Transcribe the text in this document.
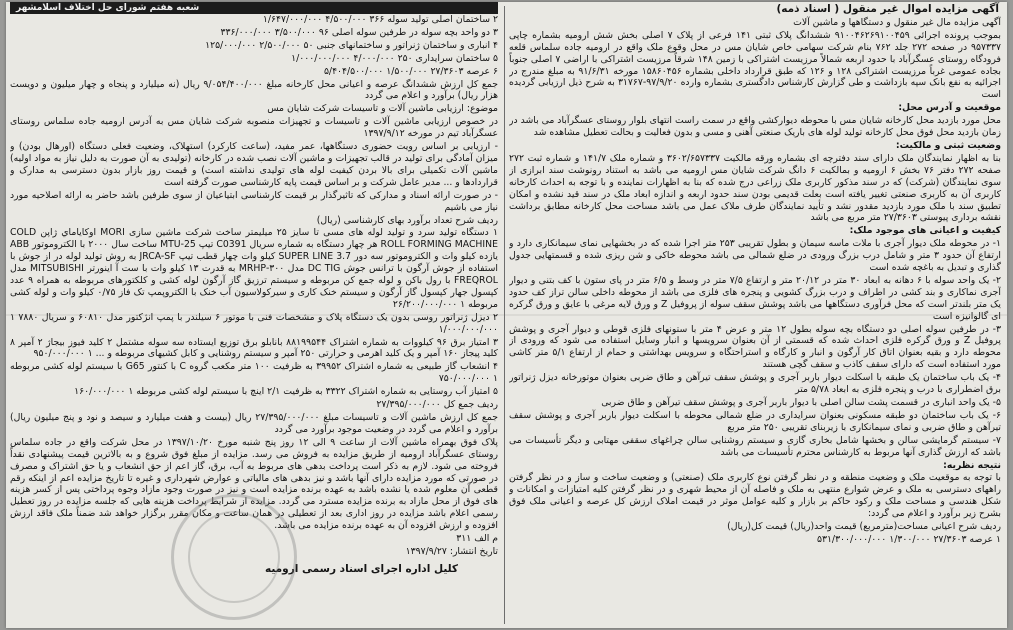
آگهی مزایده اموال غیر منقول ( اسناد ذمه)

آگهی مزایده مال غیر منقول و دستگاهها و ماشین آلات

بموجب پرونده اجرائی ۹۱۰۰۴۶۲۶۹۱۰۰۴۵۹ ششدانگ پلاک ثبتی ۱۴۱ فرعی از پلاک ۷ اصلی بخش شش ارومیه بشماره چاپی ۹۵۷۳۳۷ در صفحه ۲۷۲ جلد ۷۶۲ بنام شرکت سهامی خاص شایان مس در محل وقوع ملک واقع در ارومیه جاده سلماس قلعه فرودگاه روستای عسگرآباد با حدود اربعه شمالاً مرزیست اشتراکی با زمین ۱۴۸ شرقاً مرزیست اشتراکی با اراضی ۷ اصلی جنوباً بجاده عمومی غرباً مرزیست اشتراکی ۱۲۸ و ۱۲۶ که طبق قرارداد داخلی بشماره ۱۵۸۶۰۴۵۶ مورخه ۹۱/۶/۳۱ به مبلغ مندرج در اجرائیه به نفع بانک سپه بازداشت و طی گزارش کارشناس دادگستری بشماره وارده ۹۷/۹/۲۰-۳۱۷۶۷ به شرح ذیل ارزیابی گردیده است

موقعیت و آدرس محل:

محل مورد بازدید محل کارخانه شایان مس با محوطه دیوارکشی واقع در سمت راست انتهای بلوار روستای عسگرآباد می باشد در زمان بازدید محل فوق محل کارخانه تولید لوله های باریک صنعتی آهنی و مسی و بدون فعالیت و بحالت تعطیل مشاهده شد

وضعیت ثبتی و مالکیت:

بنا به اظهار نمایندگان ملک دارای سند دفترچه ای بشماره ورقه مالکیت ۳۶۰۲/۶۵۷۳۳۷ و شماره ملک ۱۴۱/۷ و شماره ثبت ۲۷۲ صفحه ۲۷۲ دفتر ۷۶ بخش ۶ ارومیه و بمالکیت ۶ دانگ شرکت شایان مس ارومیه می باشد به استناد رونوشت سند ابرازی از سوی نمایندگان (شرکت) که در سند مذکور کاربری ملک زراعی درج شده که بنا به اظهارات نماینده و با توجه به احداث کارخانه کاربری آن به کاربری صنعتی تغییر یافته است بعلت قدیمی بودن سند حدود اربعه و اندازه ابعاد ملک در سند قید نشده و امکان تطبیق سند با ملک مورد بازدید مقدور نشد و تأیید نمایندگان طرف ملاک عمل می باشد مساحت محل کارخانه مطابق برداشت نقشه برداری پیوستی ۲۷/۳۶۰۳ متر مربع می باشد

کیفیت و اعیانی های موجود ملک:

۱- در محوطه ملک دیوار آجری با ملات ماسه سیمان و بطول تقریبی ۲۵۳ متر اجرا شده که در بخشهایی نمای سیمانکاری دارد و ارتفاع آن حدود ۳ متر و شامل درب بزرگ ورودی در ضلع شمالی می باشد محوطه خاکی و شن ریزی شده و قسمتهایی جدول گذاری و تبدیل به باغچه شده است

۲- یک واحد سوله با ۶ دهانه به ابعاد ۳۰ متر در ۲۰/۱۲ متر و ارتفاع ۷/۵ متر در وسط و ۶/۵ متر در پای ستون با کف بتنی و دیوار آجری نماکاری و بند کشی در اطراف و درب بزرگ کشویی و پنجره های فلزی می باشد از محوطه داخلی سالن تراز کف حدود یک متر بلندتر است که محل فرآوری دستگاهها می باشد پوشش سقف سوله از پروفیل Z و ورق لایه مرغی با عایق و ورق گرکره ای گالوانیزه است

۳- در طرفین سوله اصلی دو دستگاه بچه سوله بطول ۱۲ متر و عرض ۴ متر با ستونهای فلزی قوطی و دیوار آجری و پوشش پروفیل Z و ورق گرکره فلزی احداث شده که قسمتی از آن بعنوان سرویسها و انبار وسایل استفاده می شود که ورودی از محوطه دارد و بقیه بعنوان اتاق کار آرگون و انبار و کارگاه و استراحتگاه و سرویس بهداشتی و حمام از ارتفاع ۵/۱ متر کاشی مورد استفاده است که دارای سقف کاذب و سقف گچی هستند

۴- یک باب ساختمان یک طبقه با اسکلت دیوار باربر آجری و پوشش سقف تیرآهن و طاق ضربی بعنوان موتورخانه دیزل ژنراتور برق اضطراری با درب و پنجره فلزی به ابعاد ۵/۷۸ متر

۵- یک واحد انباری در قسمت پشت سالن اصلی با دیوار باربر آجری و پوشش سقف تیرآهن و طاق ضربی

۶- یک باب ساختمان دو طبقه مسکونی بعنوان سرایداری در ضلع شمالی محوطه با اسکلت دیوار باربر آجری و پوشش سقف تیرآهن و طاق ضربی و نمای سیمانکاری با زیربنای تقریبی ۲۵۰ متر مربع

۷- سیستم گرمایشی سالن و بخشها شامل بخاری گازی و سیستم روشنایی سالن چراغهای سقفی مهتابی و دیگر تأسیسات می باشد که ارزش گذاری آنها مربوط به کارشناس محترم تأسیسات می باشد

نتیجه نظریه:

با توجه به موقعیت ملک و وضعیت منطقه و در نظر گرفتن نوع کاربری ملک (صنعتی) و وضعیت ساخت و ساز و در نظر گرفتن راههای دسترسی به ملک و عرض شوارع منتهی به ملک و فاصله آن از محیط شهری و در نظر گرفتن کلیه امتیازات و امکانات و شکل هندسی و مساحت ملک و رکود حاکم بر بازار و کلیه عوامل موثر در قیمت املاک ارزش کل عرصه و اعیانی ملک فوق بشرح زیر برآورد و اعلام می گردد:

ردیف شرح اعیانی مساحت(مترمربع) قیمت واحد(ریال) قیمت کل(ریال)

۱ عرصه ۲۷/۳۶۰۳ ۱/۳۰۰/۰۰۰ ۵۳۱/۳۰۰/۰۰۰/۰۰۰

شعبه هفتم شورای حل اختلاف اسلامشهر

۲ ساختمان اصلی تولید سوله ۳۶۶ ۴/۵۰۰/۰۰۰ ۱/۶۴۷/۰۰۰/۰۰۰

۳ دو واحد بچه سوله در طرفین سوله اصلی ۹۶ ۳/۵۰۰/۰۰۰ ۳۳۶/۰۰۰/۰۰۰

۴ انباری و ساختمان ژنراتور و ساختمانهای جنبی ۵۰ ۲/۵۰۰/۰۰۰ ۱۲۵/۰۰۰/۰۰۰

۵ ساختمان سرایداری ۲۵۰ ۴/۰۰۰/۰۰۰ ۱/۰۰۰/۰۰۰/۰۰۰

۶ عرصه ۲۷/۳۶۰۳ ۱/۵۰۰/۰۰۰ ۵/۴۰۴/۵۰۰/۰۰۰

جمع کل ارزش ششدانگ عرصه و اعیانی محل کارخانه مبلغ ۹/۰۵۴/۴۰۰/۰۰۰ ریال (نه میلیارد و پنجاه و چهار میلیون و دویست هزار ریال) برآورد و اعلام می گردد

موضوع: ارزیابی ماشین آلات و تاسیسات شرکت شایان مس

در خصوص ارزیابی ماشین آلات و تاسیسات و تجهیزات منصوبه شرکت شایان مس به آدرس ارومیه جاده سلماس روستای عسگرآباد تیم در مورخه ۱۳۹۷/۹/۱۲

- ارزیابی بر اساس رویت حضوری دستگاهها، عمر مفید، (ساعت کارکرد) استهلاک، وضعیت فعلی دستگاه (اورهال بودن) و میزان آمادگی برای تولید در قالب تجهیزات و ماشین آلات نصب شده در کارخانه (تولیدی به آن صورت به دلیل نیاز به مواد اولیه) ماشین آلات تکمیلی برای بالا بردن کیفیت لوله های تولیدی نداشته است) و قیمت روز بازار بدون دسترسی به مدارک و قراردادها و ... مدیر عامل شرکت و بر اساس قیمت پایه کارشناسی صورت گرفته است

- در صورت ارائه اسناد و مدارکی که تاثیرگذار بر قیمت کارشناسی ابتیاعیان از سوی طرفین باشد حاضر به ارائه اصلاحیه مورد نیاز می باشیم

ردیف شرح تعداد برآورد بهای کارشناسی (ریال)

۱ دستگاه تولید سرد و تولید لوله های مسی تا سایز ۲۵ میلیمتر ساخت شرکت ماشین سازی MORI اوکایاماي ژاپن COLD ROLL FORMING MACHINE هر چهار دستگاه به شماره سریال C0391 تیپ MTU-25 ساخت سال ۲۰۰۰ با الکتروموتور ABB یازده کیلو وات و الکتروموتور سه دور SUPER LINE 3.7 کیلو وات چهار قطب تیپ JRCA-SF به روش تولید لوله در از جوش با استفاده از جوش آرگون با ترانس جوش DC TIG مدل ۳۰۰-MRHP به قدرت ۱۳ کیلو وات با ست آ اینورتر MITSUBISHI مدل FREQROL با رول باکن و لوله جمع کن مربوطه و سیستم ترزیق گاز آرگون لوله کشی و کلکتورهای مربوطه به همراه ۹ عدد کپسول جهار کپسول گاز آرگون و سیستم خنک کاری و سیرکولاسیون آب خنک با الکتروپمپ تک فاز ۰/۷۵ کیلو وات و لوله کشی مربوطه ۱ ۲۶/۲۰۰/۰۰۰/۰۰۰

۲ دیزل ژنراتور روسی بدون یک دستگاه پلاک و مشخصات فنی با موتور ۶ سیلندر با پمپ انژکتور مدل ۶۰۸۱۰ و سریال ۷۸۸۰ ۱ ۱/۰۰۰/۰۰۰/۰۰۰

۳ امتیاز برق ۹۶ کیلووات به شماره اشتراک ۸۸۱۹۹۵۴۴ بانابلو برق توزیع ایستاده سه سوله مشتمل ۲ کلید فیوز بیجاژ ۲ آمپر ۸ کلید پیجاز ۱۶۰ آمپر و یک کلید اهرمی و حرارتی ۲۵۰ آمپر و سیستم روشنایی و کابل کشیهای مربوطه و ... ۱ ۹۵۰/۰۰۰/۰۰۰

۴ انشعاب گاز طبیعی به شماره اشتراک ۳۹۹۵۲ به ظرفیت ۱۰۰ متر مکعب گروه C با کنتور G65 با سیستم لوله کشی مربوطه ۱ ۷۵۰/۰۰۰/۰۰۰

۵ امتیاز آب روستایی به شماره اشتراک ۳۳۲۲ به ظرفیت ۲/۱ اینچ با سیستم لوله کشی مربوطه ۱ ۱۶۰/۰۰۰/۰۰۰

ردیف جمع کل ۲۷/۳۹۵/۰۰۰/۰۰۰

جمع کل ارزش ماشین آلات و تاسیسات مبلغ ۲۷/۳۹۵/۰۰۰/۰۰۰ ریال (بیست و هفت میلیارد و سیصد و نود و پنج میلیون ریال) برآورد و اعلام می گردد در وضعیت موجود برآورد می گردد

پلاک فوق بهمراه ماشین آلات از ساعت ۹ الی ۱۲ روز پنج شنبه مورخ ۱۳۹۷/۱۰/۲۰ در محل شرکت واقع در جاده سلماس روستای عسگرآباد ارومیه از طریق مزایده به فروش می رسد. مزایده از مبلغ فوق شروع و به بالاترین قیمت پیشنهادی نقداً فروخته می شود. لازم به ذکر است پرداخت بدهی های مربوط به آب، برق، گاز اعم از حق انشعاب و یا حق اشتراک و مصرف در صورتی که مورد مزایده دارای آنها باشد و نیز بدهی های مالیاتی و عوارض شهرداری و غیره تا تاریخ مزایده اعم از اینکه رقم قطعی آن معلوم شده یا نشده باشد به عهده برنده مزایده است و نیز در صورت وجود مازاد وجوه پرداختی پس از کسر هزینه های فوق از محل مازاد به برنده مزایده مسترد می گردد. مزایده از شرایط پرداخت هزینه هایی که جلسه مزایده در روز تعطیل رسمی اعلام باشد مزایده در روز اداری بعد از تعطیلی در همان ساعت و مکان مقرر برگزار خواهد شد ضمناً ملک فاقد ارزش افزوده و ارزش افزوده آن به عهده برنده مزایده می باشد.

م الف ۳۱۱

تاریخ انتشار: ۱۳۹۷/۹/۲۷

کلیل اداره اجرای اسناد رسمی ارومیه
